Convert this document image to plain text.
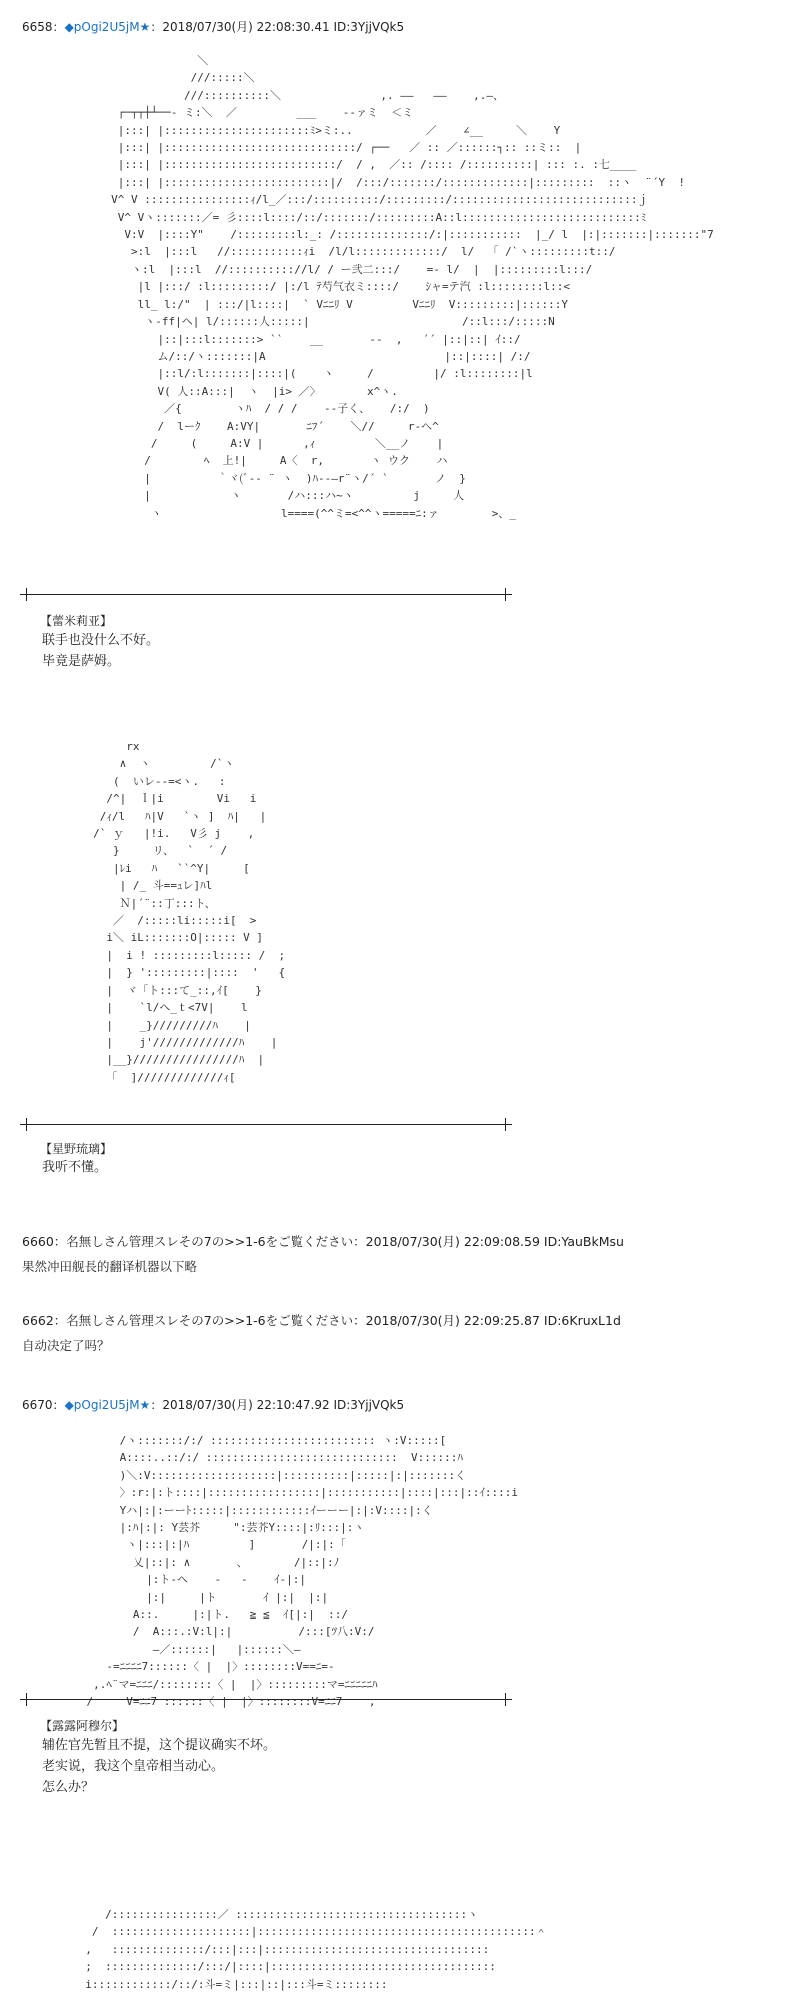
6658：◆pOgi2U5jM★：2018/07/30(月) 22:08:30.41 ID:3YjjVQk5
＼
///:::::＼
///::::::::::＼               ,. ――   ――    ,.―、
┌─┬┬┼┴──‐ ミ:＼  ／         ___    ‐‐ァミ  ＜ミ
|:::| |::::::::::::::::::::::ﾐ>ミ:..           ／    ∠__     ＼    Y
|:::| |:::::::::::::::::::::::::::::/ ┌──   ／ :: ／::::::┐:: ::ミ::  |
|:::| |::::::::::::::::::::::::::/  / ,  ／:: /:::: /::::::::::| ::: :. :七____
|:::| |:::::::::::::::::::::::::|/  /:::/:::::::/:::::::::::::|:::::::::  ::ヽ  ¨´Y  !
V^ V ::::::::::::::::ｨ/l_／:::/::::::::::/:::::::::/::::::::::::::::::::::::::::ｊ
V^ Vヽ:::::::／= 彡::::l::::/::/:::::::/:::::::::A::l:::::::::::::::::::::::::::ﾐ
V:V  |::::Y"    /:::::::::l:_: /::::::::::::::/:|:::::::::::  |_/ l  |:|:::::::|:::::::"7
>:l  |:::l   //:::::::::::ｨi  /l/l:::::::::::::/  l/  「 /`ヽ:::::::::t::/
ヽ:l  |:::l  //:::::::::://l/ / ー弐二:::/    =‐ l/  |  |:::::::::l:::/
|l |:::/ :l:::::::::/ |:/l ﾃ芍气衣ミ::::/    ｼャ=テ汽 :l::::::::l::<
ll_ l:/"  | :::/|l::::|  ` Vﾆﾆﾘ V         Vﾆﾆﾘ  V:::::::::|::::::Y
ヽ‐ff|ヘ| l/::::::人:::::|                       /::l:::/:::::N
|::|:::l:::::::> ``    __       ‐‐  ,   ´´ |::|::| ｲ::/
ム/::/ヽ:::::::|A                           |::|::::| /:/
|::l/:l:::::::|::::|(    ヽ     /         |/ :l::::::::|l
V( 人::A:::|  ヽ  |i> ／〉	x^ヽ.
／{        ヽﾊ  / / /    ‐‐子く、   /:/  )
/  lーｸ    A:VY|       ﾆﾌ´    ＼//     r‐へ^
/     (     A:V |      ,ｨ         ＼__ノ    |
/        ﾍ  上!|     A〈  r,       ヽ ウク    ハ
|          ｀ヾ(ﾞ‐‐ ¨ ヽ  )ﾊ‐‐―r¨ヽ/´ `       ノ  }
|            ヽ       /ハ:::ハ~ヽ         j     人
ヽ                  l====(^^ミ=<^^ヽ=====ﾆ:ァ        >、_

【蕾米莉亚】
联手也没什么不好。
毕竟是萨姆。
rx
∧  ヽ         /`ヽ
(  いレ-‐=<ヽ.   :
/^|  ｌ|i        Vi   i
/ｨ/l   ﾊ|V   `ヽ ]  ﾊ|   |
/` ｙ   |!i.   V彡 j    ,
}     リ、  `  ´ /
|ﾚi   ﾊ   ``^Y|     [
| /_ 斗==ｭレ]ﾊl
Ｎ|´¨::丁:::ト、
／  /:::::li:::::i[  >
i＼ iL:::::::O|::::: V ]
|  i ! :::::::::l::::: /  ;
|  } ':::::::::|::::  '   {
|  ヾ「ト:::て_::,ｲ[    }
|    `l/ヘ_ｔ<7V|    l
|    _}/////////ﾊ    |
|    j'/////////////ﾊ    |
|__}////////////////ﾊ  |
「  ]/////////////ｨ[

【星野琉璃】
我听不懂。
6660：名無しさん管理スレその7の>>1-6をご覧ください：2018/07/30(月) 22:09:08.59 ID:YauBkMsu
果然冲田舰長的翻译机器以下略
6662：名無しさん管理スレその7の>>1-6をご覧ください：2018/07/30(月) 22:09:25.87 ID:6KruxL1d
自动决定了吗？
6670：◆pOgi2U5jM★：2018/07/30(月) 22:10:47.92 ID:3YjjVQk5
/ヽ:::::::/:/ ::::::::::::::::::::::::: ヽ:V:::::[
A::::..::/:/ :::::::::::::::::::::::::::::  V::::::ﾊ
)＼:V:::::::::::::::::::|::::::::::|:::::|:|:::::::く
〉:r:|:ト::::|:::::::::::::::::|:::::::::::|::::|:::|::ｲ::::i
Yハ|:|:ーーﾄ:::::|::::::::::::ｲーーー|:|:V::::|:く
|:ﾊ|:|: Y芸芥     ":芸芥Y::::|:ﾘ:::|:ヽ
ヽ|:::|:|ﾊ         ]       /|:|:「
乂|::|: ∧       、       /|::|:ﾉ
|:ト‐ヘ    -   -    ｲ‐|:|
|:|     |ト       ｲ |:|  |:|
A::.     |:|ト.   ≧ ≦  ｲ[|:|  ::/
/  A:::.:V:l|:|          /:::[ﾂ八:V:/
―／::::::|   |::::::＼―
-=ﾆﾆﾆﾆ7::::::〈 |  |〉::::::::V==ﾆ=-
,.ﾍ¨マ=ﾆﾆﾆ/::::::::〈 |  |〉:::::::::マ=ﾆﾆﾆﾆﾆﾊ
/     V=ﾆﾆ7 ::::::〈 |  |〉::::::::V=ﾆﾆ7    ,

【露露阿穆尔】
辅佐官先暂且不提，这个提议确实不坏。
老实说，我这个皇帝相当动心。
怎么办？
/::::::::::::::::／ :::::::::::::::::::::::::::::::::::ヽ
/  :::::::::::::::::::::|::::::::::::::::::::::::::::::::::::::::::＾
,   ::::::::::::::/:::|:::|::::::::::::::::::::::::::::::::::
;  ::::::::::::::/:::/|::::|::::::::::::::::::::::::::::::::::
i::::::::::::/::/:斗=ミ|:::|::|:::斗=ミ::::::::
